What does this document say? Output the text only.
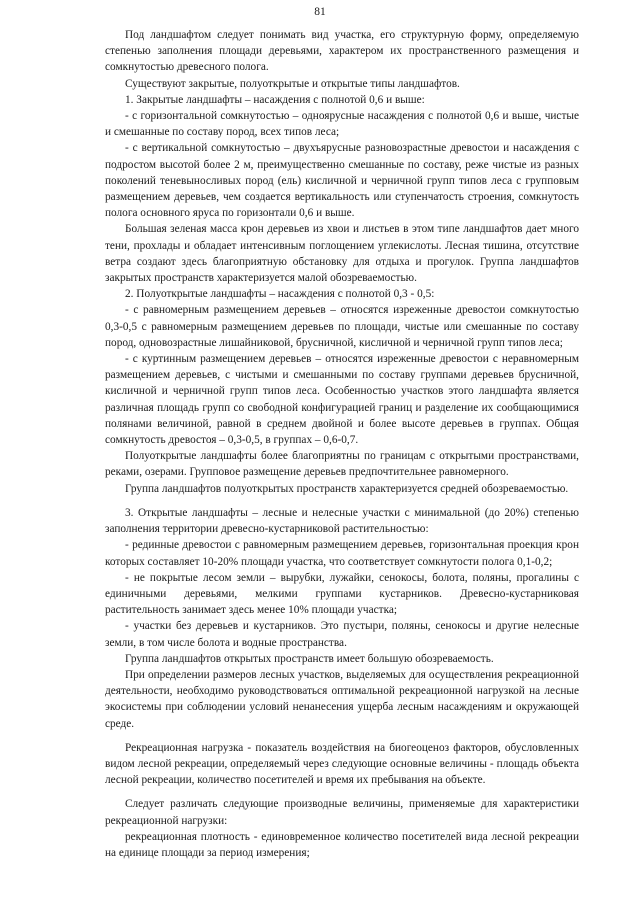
81

Под ландшафтом следует понимать вид участка, его структурную форму, определяемую степенью заполнения площади деревьями, характером их пространственного размещения и сомкнутостью древесного полога.

Существуют закрытые, полуоткрытые и открытые типы ландшафтов.

1. Закрытые ландшафты – насаждения с полнотой 0,6 и выше:

- с горизонтальной сомкнутостью – одноярусные насаждения с полнотой 0,6 и выше, чистые и смешанные по составу пород, всех типов леса;

- с вертикальной сомкнутостью – двухъярусные разновозрастные древостои и насаждения с подростом высотой более 2 м, преимущественно смешанные по составу, реже чистые из разных поколений теневыносливых пород (ель) кисличной и черничной групп типов леса с групповым размещением деревьев, чем создается вертикальность или ступенчатость строения, сомкнутость полога основного яруса по горизонтали 0,6 и выше.

Большая зеленая масса крон деревьев из хвои и листьев в этом типе ландшафтов дает много тени, прохлады и обладает интенсивным поглощением углекислоты. Лесная тишина, отсутствие ветра создают здесь благоприятную обстановку для отдыха и прогулок. Группа ландшафтов закрытых пространств характеризуется малой обозреваемостью.

2. Полуоткрытые ландшафты – насаждения с полнотой 0,3 - 0,5:

- с равномерным размещением деревьев – относятся изреженные древостои сомкнутостью 0,3-0,5 с равномерным размещением деревьев по площади, чистые или смешанные по составу пород, одновозрастные лишайниковой, брусничной, кисличной и черничной групп типов леса;

- с куртинным размещением деревьев – относятся изреженные древостои с неравномерным размещением деревьев, с чистыми и смешанными по составу группами деревьев брусничной, кисличной и черничной групп типов леса. Особенностью участков этого ландшафта является различная площадь групп со свободной конфигурацией границ и разделение их сообщающимися полянами величиной, равной в среднем двойной и более высоте деревьев в группах. Общая сомкнутость древостоя – 0,3-0,5, в группах – 0,6-0,7.

Полуоткрытые ландшафты более благоприятны по границам с открытыми пространствами, реками, озерами. Групповое размещение деревьев предпочтительнее равномерного.

Группа ландшафтов полуоткрытых пространств характеризуется средней обозреваемостью.

3. Открытые ландшафты – лесные и нелесные участки с минимальной (до 20%) степенью заполнения территории древесно-кустарниковой растительностью:

- рединные древостои с равномерным размещением деревьев, горизонтальная проекция крон которых составляет 10-20% площади участка, что соответствует сомкнутости полога 0,1-0,2;

- не покрытые лесом земли – вырубки, лужайки, сенокосы, болота, поляны, прогалины с единичными деревьями, мелкими группами кустарников. Древесно-кустарниковая растительность занимает здесь менее 10% площади участка;

- участки без деревьев и кустарников. Это пустыри, поляны, сенокосы и другие нелесные земли, в том числе болота и водные пространства.

Группа ландшафтов открытых пространств имеет большую обозреваемость.

При определении размеров лесных участков, выделяемых для осуществления рекреационной деятельности, необходимо руководствоваться оптимальной рекреационной нагрузкой на лесные экосистемы при соблюдении условий ненанесения ущерба лесным насаждениям и окружающей среде.

Рекреационная нагрузка - показатель воздействия на биогеоценоз факторов, обусловленных видом лесной рекреации, определяемый через следующие основные величины - площадь объекта лесной рекреации, количество посетителей и время их пребывания на объекте.

Следует различать следующие производные величины, применяемые для характеристики рекреационной нагрузки:

рекреационная плотность - единовременное количество посетителей вида лесной рекреации на единице площади за период измерения;
